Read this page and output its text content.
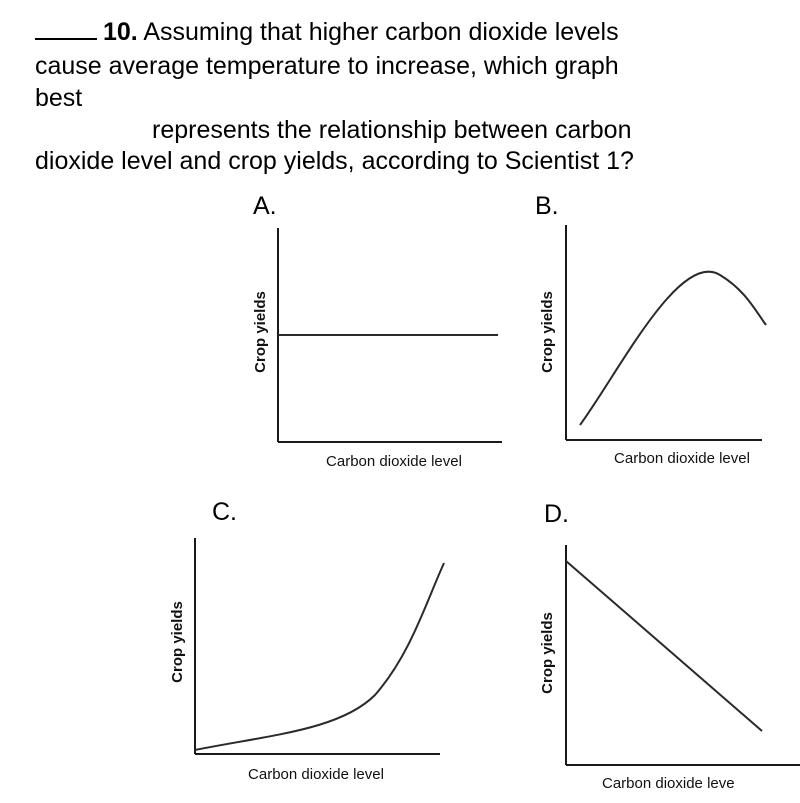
10. Assuming that higher carbon dioxide levels
cause average temperature to increase, which graph
best
represents the relationship between carbon
dioxide level and crop yields, according to Scientist 1?
A.
Carbon dioxide level
Crop yields
B.
Carbon dioxide level
Crop yields
C.
Carbon dioxide level
Crop yields
D.
Carbon dioxide leve
Crop yields
